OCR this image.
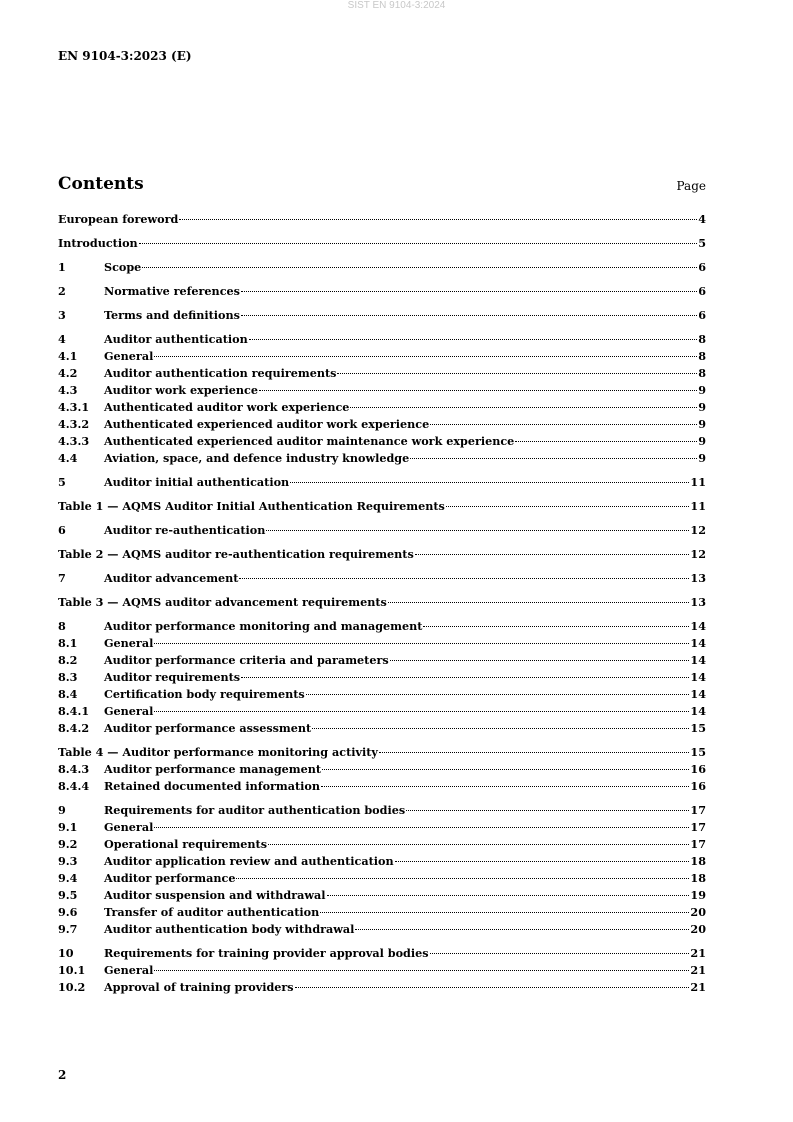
SIST EN 9104-3:2024
EN 9104-3:2023 (E)
Contents	Page
European foreword	4
Introduction	5
1	Scope	6
2	Normative references	6
3	Terms and definitions	6
4	Auditor authentication	8
4.1	General	8
4.2	Auditor authentication requirements	8
4.3	Auditor work experience	9
4.3.1	Authenticated auditor work experience	9
4.3.2	Authenticated experienced auditor work experience	9
4.3.3	Authenticated experienced auditor maintenance work experience	9
4.4	Aviation, space, and defence industry knowledge	9
5	Auditor initial authentication	11
Table 1 — AQMS Auditor Initial Authentication Requirements	11
6	Auditor re-authentication	12
Table 2 — AQMS auditor re-authentication requirements	12
7	Auditor advancement	13
Table 3 — AQMS auditor advancement requirements	13
8	Auditor performance monitoring and management	14
8.1	General	14
8.2	Auditor performance criteria and parameters	14
8.3	Auditor requirements	14
8.4	Certification body requirements	14
8.4.1	General	14
8.4.2	Auditor performance assessment	15
Table 4 — Auditor performance monitoring activity	15
8.4.3	Auditor performance management	16
8.4.4	Retained documented information	16
9	Requirements for auditor authentication bodies	17
9.1	General	17
9.2	Operational requirements	17
9.3	Auditor application review and authentication	18
9.4	Auditor performance	18
9.5	Auditor suspension and withdrawal	19
9.6	Transfer of auditor authentication	20
9.7	Auditor authentication body withdrawal	20
10	Requirements for training provider approval bodies	21
10.1	General	21
10.2	Approval of training providers	21
2
